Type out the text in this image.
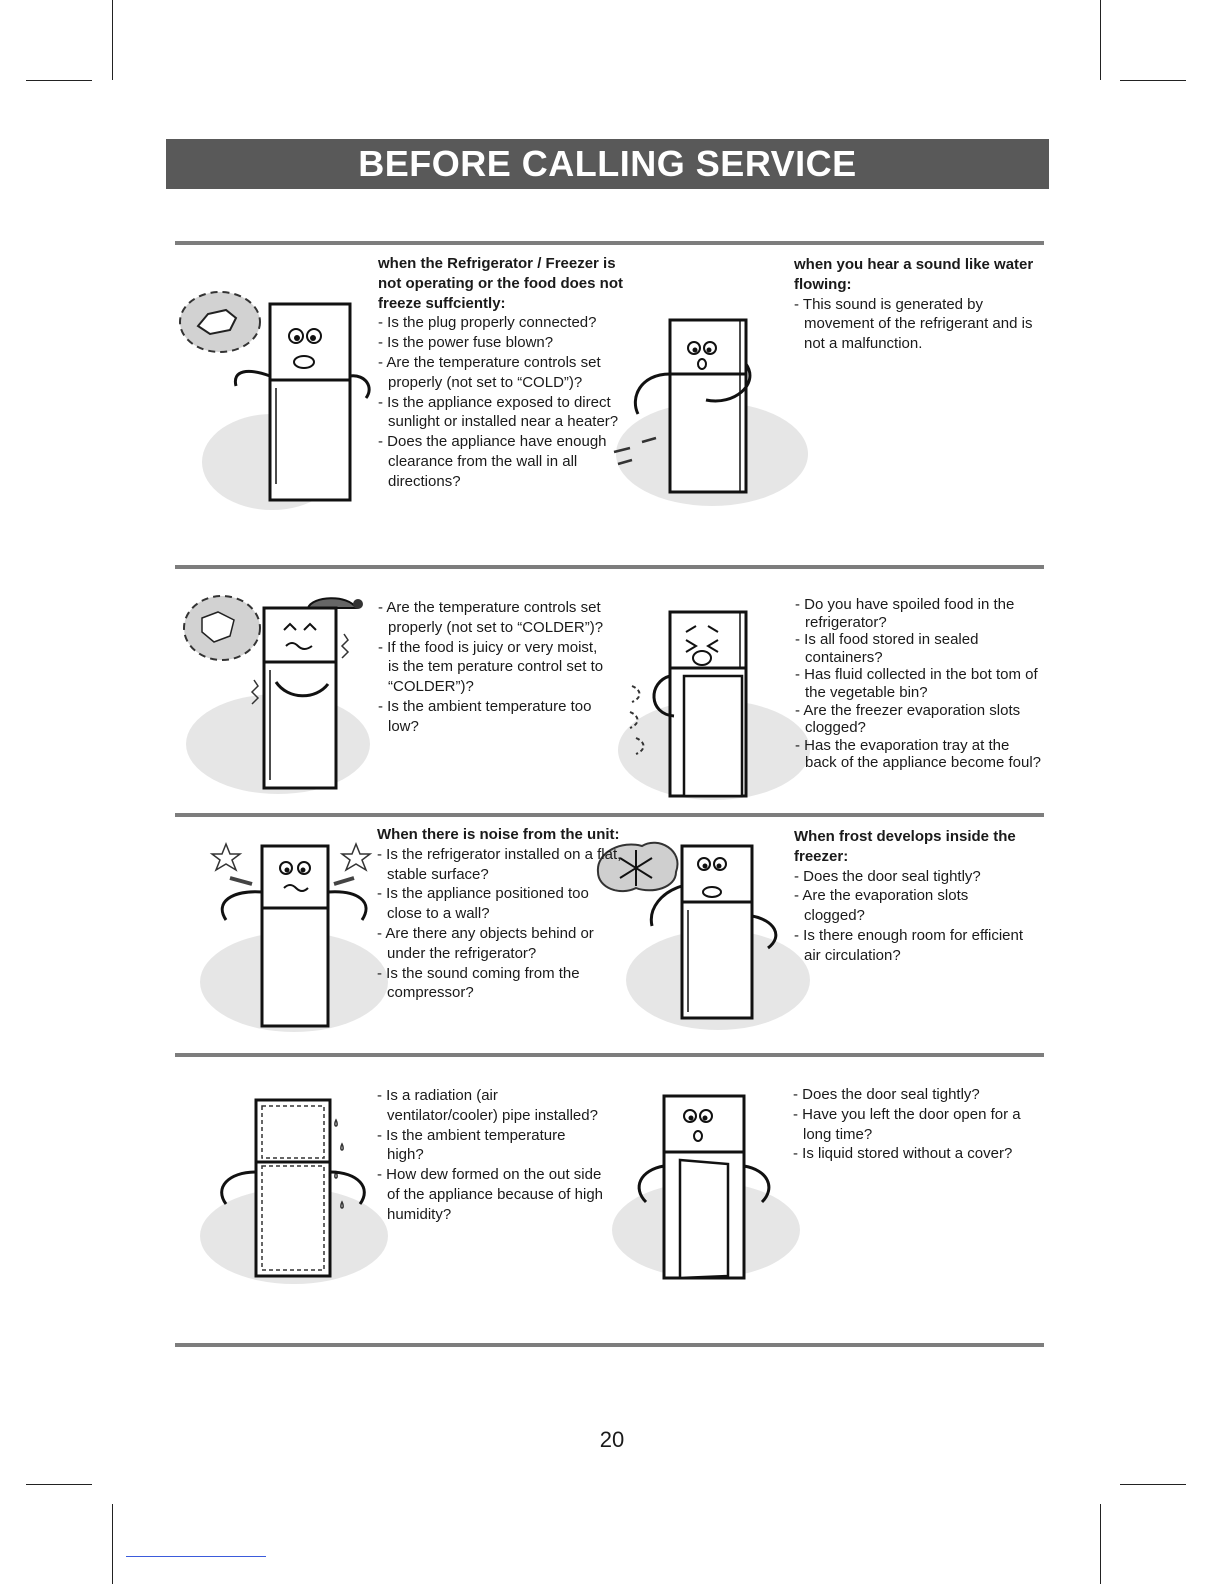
BEFORE CALLING SERVICE

when the Refrigerator / Freezer is not operating or the food does not freeze suffciently:

- Is the plug properly connected?
- Is the power fuse blown?
- Are the temperature controls set properly (not set to “COLD”)?
- Is the appliance exposed to direct sunlight or installed near a heater?
- Does the appliance have enough clearance from the wall in all directions?

when you hear a sound like water flowing:

- This sound is generated by movement of the refrigerant and is not a malfunction.
- Are the temperature controls set properly (not set to “COLDER”)?
- If the food is juicy or very moist, is the tem perature control set to “COLDER”)?
- Is the ambient temperature too low?
- Do you have spoiled food in the refrigerator?
- Is all food stored in sealed containers?
- Has fluid collected in the bot tom of the vegetable bin?
- Are the freezer evaporation slots clogged?
- Has the evaporation tray at the back of the appliance become foul?

When there is noise from the unit:

- Is the refrigerator installed on a flat, stable surface?
- Is the appliance positioned too close to a wall?
- Are there any objects behind or under the refrigerator?
- Is the sound coming from the compressor?

When frost develops inside the freezer:

- Does the door seal tightly?
- Are the evaporation slots clogged?
- Is there enough room for efficient air circulation?
- Is a radiation (air ventilator/cooler) pipe installed?
- Is the ambient temperature high?
- How dew formed on the out side of the appliance because of high humidity?
- Does the door seal tightly?
- Have you left the door open for a long time?
- Is liquid stored without a cover?

20
